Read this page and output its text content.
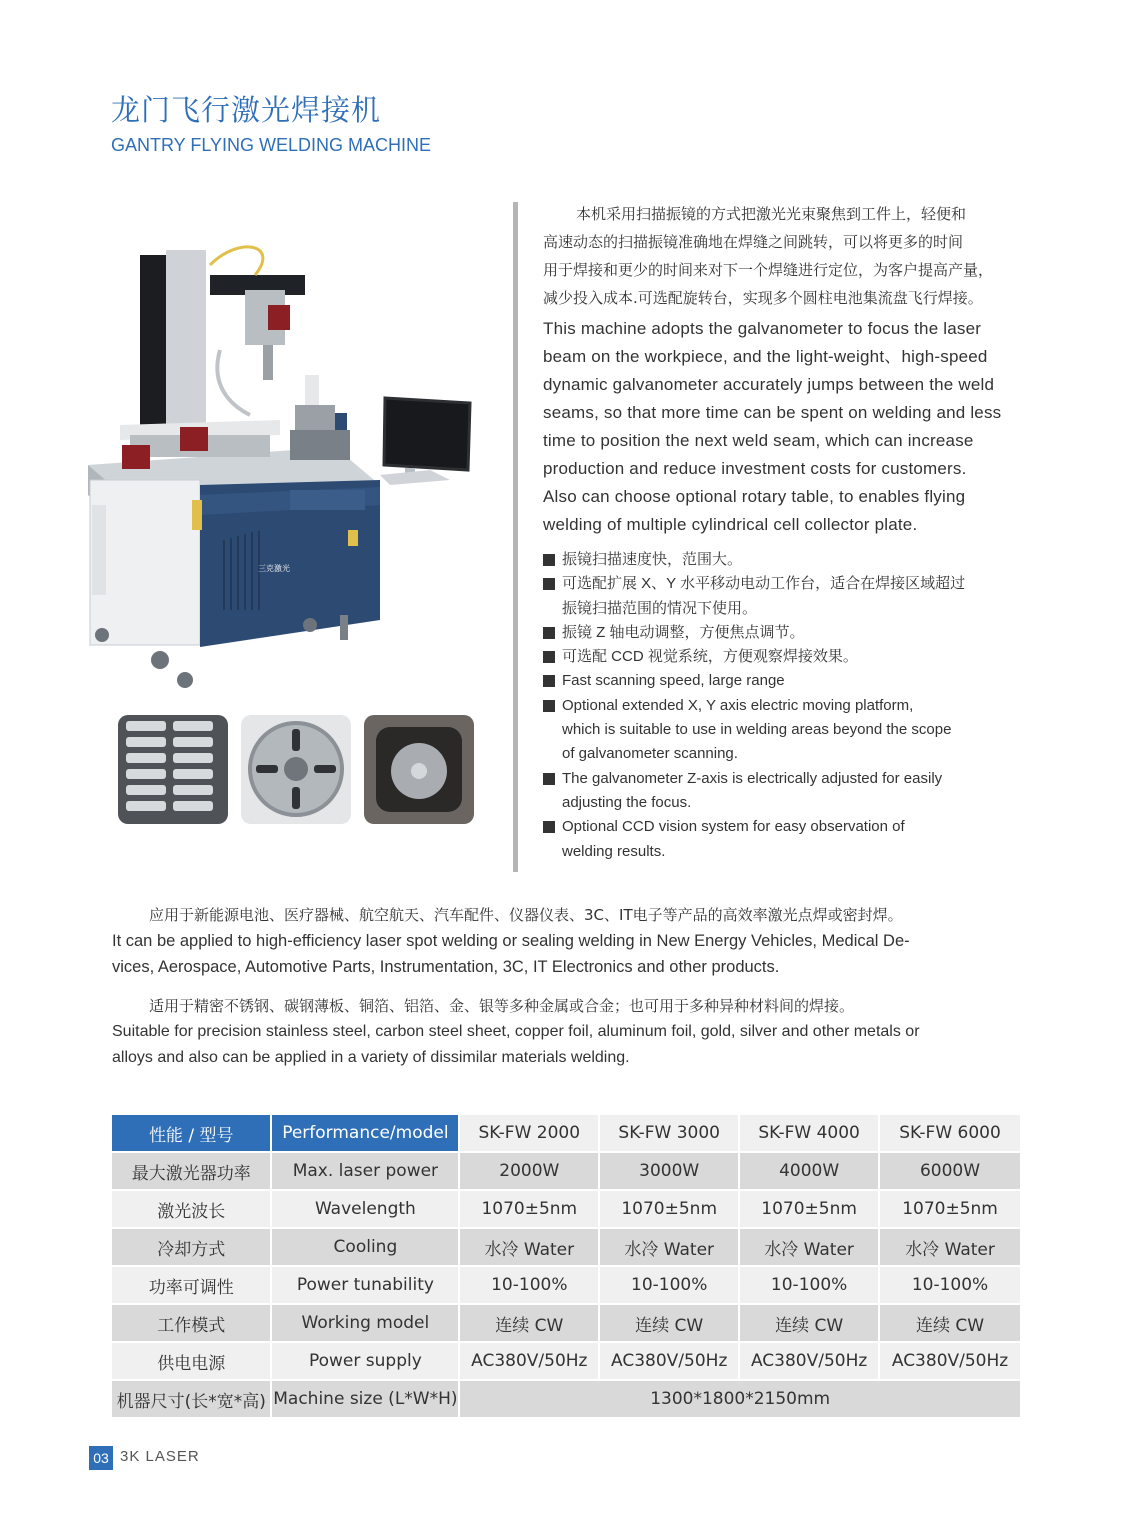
龙门飞行激光焊接机
GANTRY FLYING WELDING MACHINE
三克激光
本机采用扫描振镜的方式把激光光束聚焦到工件上，轻便和
高速动态的扫描振镜准确地在焊缝之间跳转，可以将更多的时间
用于焊接和更少的时间来对下一个焊缝进行定位，为客户提高产量，
减少投入成本.可选配旋转台，实现多个圆柱电池集流盘飞行焊接。
This machine adopts the galvanometer to focus the laser
beam on the workpiece, and the light-weight、high-speed
dynamic galvanometer accurately jumps between the weld
seams, so that more time can be spent on welding and less
time to position the next weld seam, which can increase
production and reduce investment costs for customers.
Also can choose optional rotary table, to enables flying
welding of multiple cylindrical cell collector plate.
振镜扫描速度快，范围大。
可选配扩展 X、Y 水平移动电动工作台，适合在焊接区域超过
振镜扫描范围的情况下使用。
振镜 Z 轴电动调整，方便焦点调节。
可选配 CCD 视觉系统，方便观察焊接效果。
Fast scanning speed, large range
Optional extended X, Y axis electric moving platform,
which is suitable to use in welding areas beyond the scope
of galvanometer scanning.
The galvanometer Z-axis is electrically adjusted for easily
adjusting the focus.
Optional CCD vision system for easy observation of
welding results.
应用于新能源电池、医疗器械、航空航天、汽车配件、仪器仪表、3C、IT电子等产品的高效率激光点焊或密封焊。
It can be applied to high-efficiency laser spot welding or sealing welding in New Energy Vehicles, Medical De-
vices, Aerospace, Automotive Parts, Instrumentation, 3C, IT Electronics and other products.
适用于精密不锈钢、碳钢薄板、铜箔、铝箔、金、银等多种金属或合金；也可用于多种异种材料间的焊接。
Suitable for precision stainless steel, carbon steel sheet, copper foil, aluminum foil, gold, silver and other metals or
alloys and also can be applied in a variety of dissimilar materials welding.
性能 / 型号	Performance/model	SK-FW 2000	SK-FW 3000	SK-FW 4000	SK-FW 6000
最大激光器功率	Max. laser power	2000W	3000W	4000W	6000W
激光波长	Wavelength	1070±5nm	1070±5nm	1070±5nm	1070±5nm
冷却方式	Cooling	水冷 Water	水冷 Water	水冷 Water	水冷 Water
功率可调性	Power tunability	10-100%	10-100%	10-100%	10-100%
工作模式	Working model	连续 CW	连续 CW	连续 CW	连续 CW
供电电源	Power supply	AC380V/50Hz	AC380V/50Hz	AC380V/50Hz	AC380V/50Hz
机器尺寸(长*宽*高)	Machine size (L*W*H)	1300*1800*2150mm			
03 3K LASER
